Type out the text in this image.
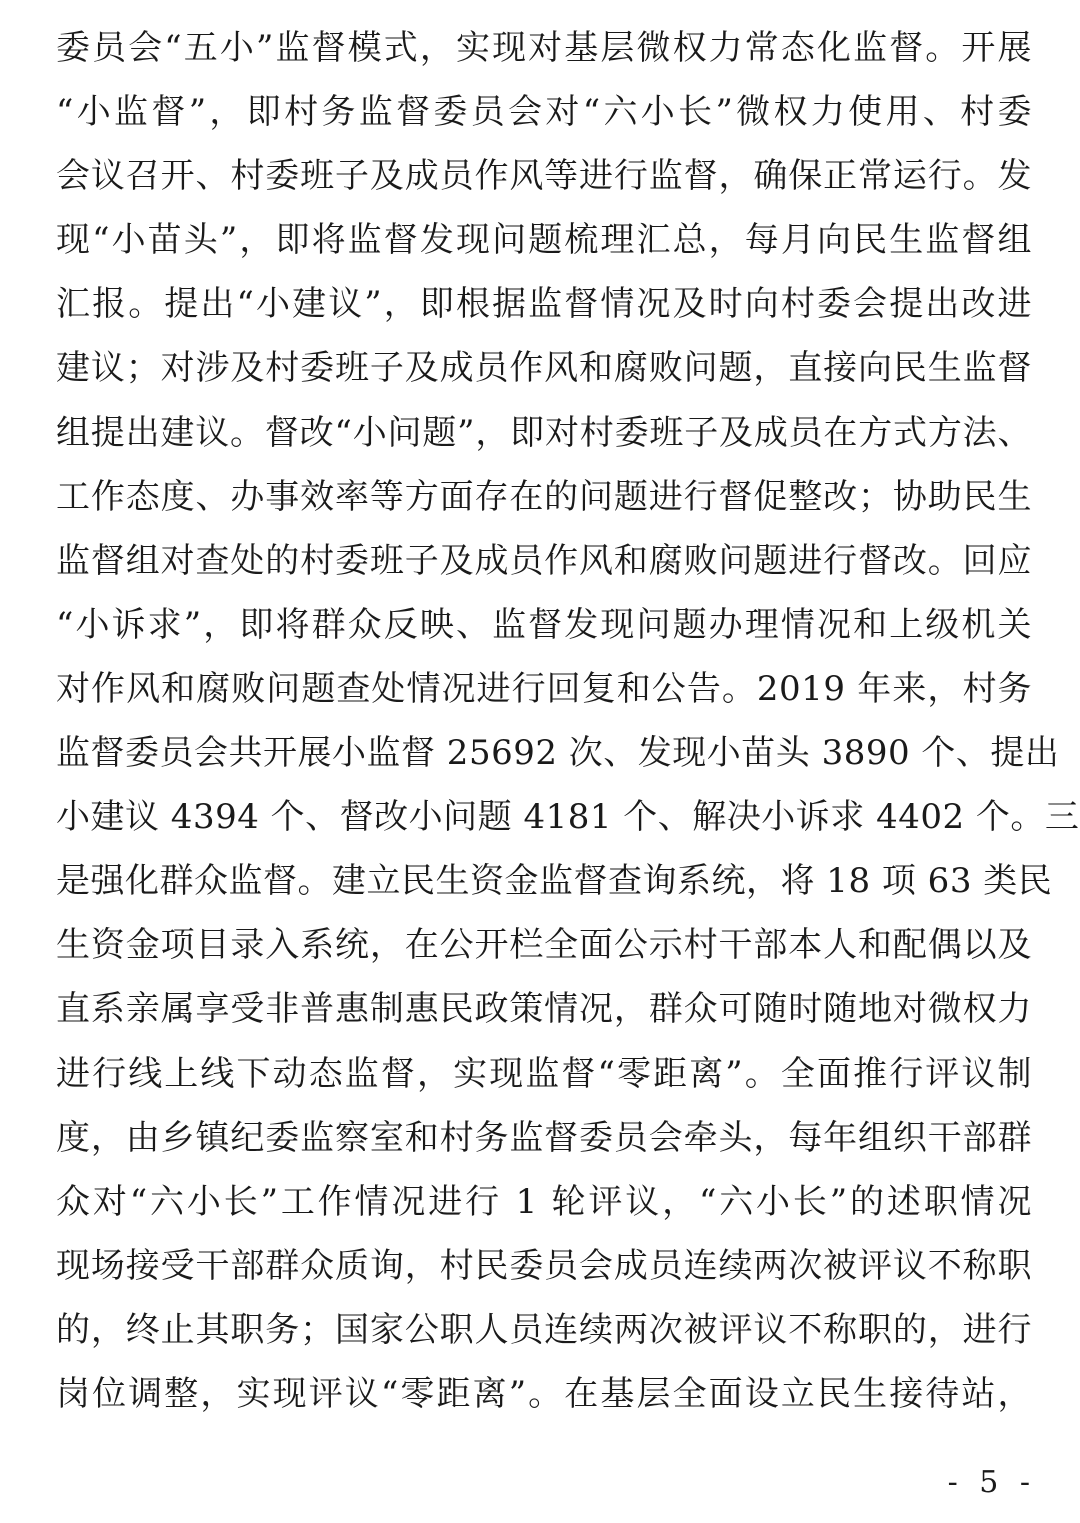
委员会“五小”监督模式，实现对基层微权力常态化监督。开展
“小监督”，即村务监督委员会对“六小长”微权力使用、村委
会议召开、村委班子及成员作风等进行监督，确保正常运行。发
现“小苗头”，即将监督发现问题梳理汇总，每月向民生监督组
汇报。提出“小建议”，即根据监督情况及时向村委会提出改进
建议；对涉及村委班子及成员作风和腐败问题，直接向民生监督
组提出建议。督改“小问题”，即对村委班子及成员在方式方法、
工作态度、办事效率等方面存在的问题进行督促整改；协助民生
监督组对查处的村委班子及成员作风和腐败问题进行督改。回应
“小诉求”，即将群众反映、监督发现问题办理情况和上级机关
对作风和腐败问题查处情况进行回复和公告。2019 年来，村务
监督委员会共开展小监督 25692 次、发现小苗头 3890 个、提出
小建议 4394 个、督改小问题 4181 个、解决小诉求 4402 个。三
是强化群众监督。建立民生资金监督查询系统，将 18 项 63 类民
生资金项目录入系统，在公开栏全面公示村干部本人和配偶以及
直系亲属享受非普惠制惠民政策情况，群众可随时随地对微权力
进行线上线下动态监督，实现监督“零距离”。全面推行评议制
度，由乡镇纪委监察室和村务监督委员会牵头，每年组织干部群
众对“六小长”工作情况进行 1 轮评议，“六小长”的述职情况
现场接受干部群众质询，村民委员会成员连续两次被评议不称职
的，终止其职务；国家公职人员连续两次被评议不称职的，进行
岗位调整，实现评议“零距离”。在基层全面设立民生接待站，
- 5 -
